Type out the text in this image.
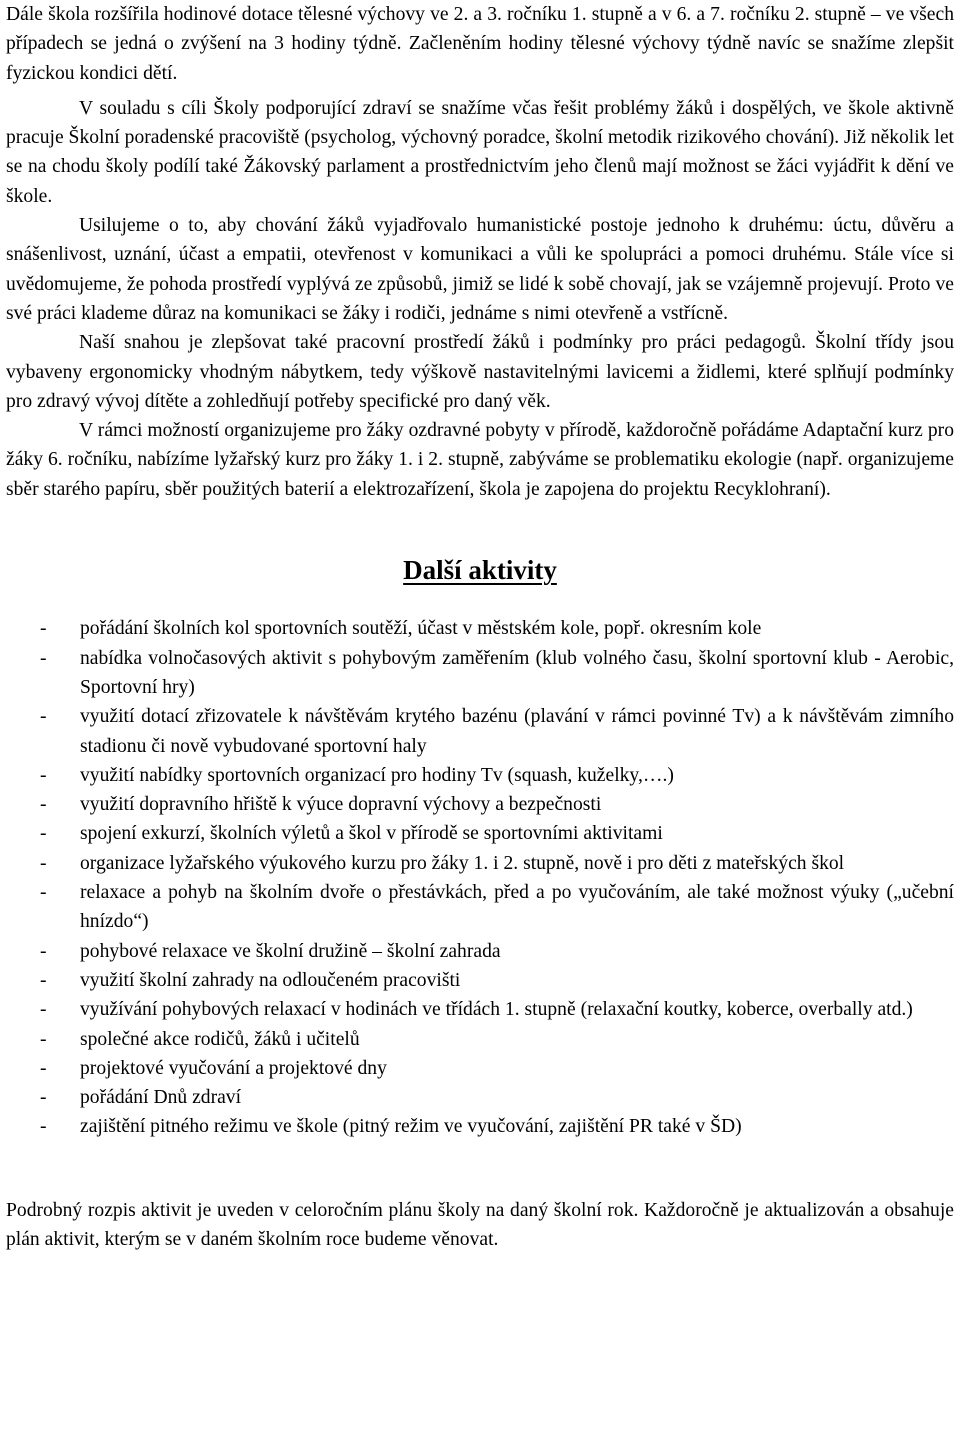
Dále škola rozšířila hodinové dotace tělesné výchovy ve 2. a 3. ročníku 1. stupně a v 6. a 7. ročníku 2. stupně – ve všech případech se jedná o zvýšení na 3 hodiny týdně. Začleněním hodiny tělesné výchovy týdně navíc se snažíme zlepšit fyzickou kondici dětí.

V souladu s cíli Školy podporující zdraví se snažíme včas řešit problémy žáků i dospělých, ve škole aktivně pracuje Školní poradenské pracoviště (psycholog, výchovný poradce, školní metodik rizikového chování). Již několik let se na chodu školy podílí také Žákovský parlament a prostřednictvím jeho členů mají možnost se žáci vyjádřit k dění ve škole.

Usilujeme o to, aby chování žáků vyjadřovalo humanistické postoje jednoho k druhému: úctu, důvěru a snášenlivost, uznání, účast a empatii, otevřenost v komunikaci a vůli ke spolupráci a pomoci druhému. Stále více si uvědomujeme, že pohoda prostředí vyplývá ze způsobů, jimiž se lidé k sobě chovají, jak se vzájemně projevují. Proto ve své práci klademe důraz na komunikaci se žáky i rodiči, jednáme s nimi otevřeně a vstřícně.

Naší snahou je zlepšovat také pracovní prostředí žáků i podmínky pro práci pedagogů. Školní třídy jsou vybaveny ergonomicky vhodným nábytkem, tedy výškově nastavitelnými lavicemi a židlemi, které splňují podmínky pro zdravý vývoj dítěte a zohledňují potřeby specifické pro daný věk.

V rámci možností organizujeme pro žáky ozdravné pobyty v přírodě, každoročně pořádáme Adaptační kurz pro žáky 6. ročníku, nabízíme lyžařský kurz pro žáky 1. i 2. stupně, zabýváme se problematiku ekologie (např. organizujeme sběr starého papíru, sběr použitých baterií a elektrozařízení, škola je zapojena do projektu Recyklohraní).

Další aktivity
- pořádání školních kol sportovních soutěží, účast v městském kole, popř. okresním kole
- nabídka volnočasových aktivit s pohybovým zaměřením (klub volného času, školní sportovní klub - Aerobic, Sportovní hry)
- využití dotací zřizovatele k návštěvám krytého bazénu (plavání v rámci povinné Tv) a k návštěvám zimního stadionu či nově vybudované sportovní haly
- využití nabídky sportovních organizací pro hodiny Tv (squash, kuželky,….)
- využití dopravního hřiště k výuce dopravní výchovy a bezpečnosti
- spojení exkurzí, školních výletů a škol v přírodě se sportovními aktivitami
- organizace lyžařského výukového kurzu pro žáky 1. i 2. stupně, nově i pro děti z mateřských škol
- relaxace a pohyb na školním dvoře o přestávkách, před a po vyučováním, ale také možnost výuky („učební hnízdo“)
- pohybové relaxace ve školní družině – školní zahrada
- využití školní zahrady na odloučeném pracovišti
- využívání pohybových relaxací v hodinách ve třídách 1. stupně (relaxační koutky, koberce, overbally atd.)
- společné akce rodičů, žáků i učitelů
- projektové vyučování a projektové dny
- pořádání Dnů zdraví
- zajištění pitného režimu ve škole (pitný režim ve vyučování, zajištění PR také v ŠD)

Podrobný rozpis aktivit je uveden v celoročním plánu školy na daný školní rok. Každoročně je aktualizován a obsahuje plán aktivit, kterým se v daném školním roce budeme věnovat.
